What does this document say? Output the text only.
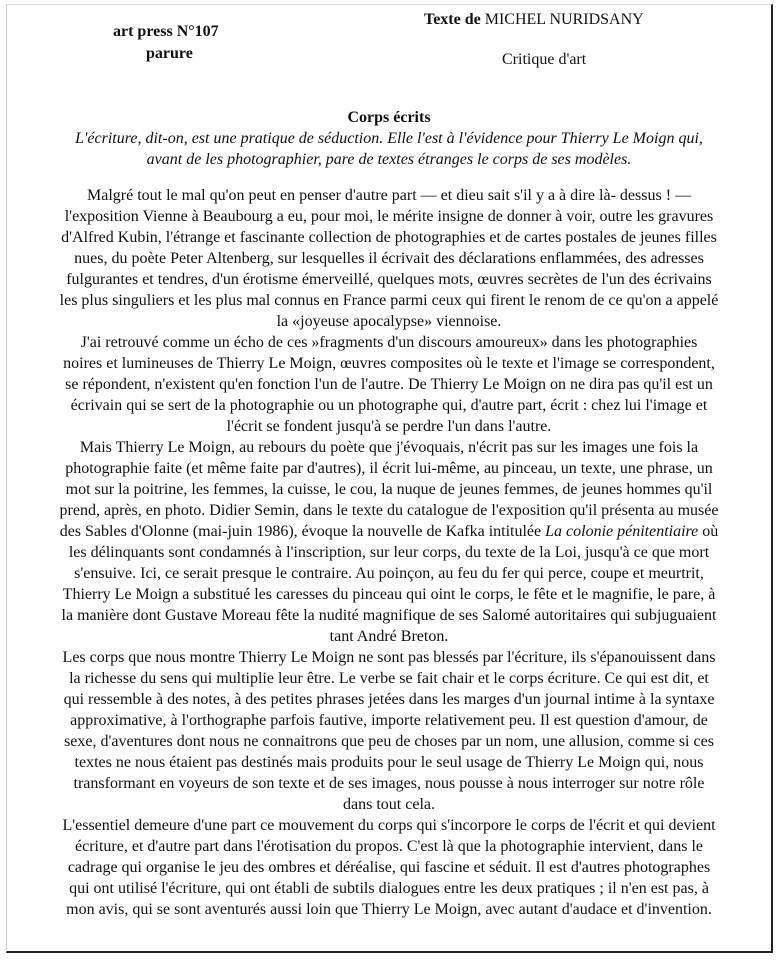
art press N°107
parure
Texte de MICHEL NURIDSANY
Critique d'art
Corps écrits
L'écriture, dit-on, est une pratique de séduction. Elle l'est à l'évidence pour Thierry Le Moign qui,
avant de les photographier, pare de textes étranges le corps de ses modèles.

Malgré tout le mal qu'on peut en penser d'autre part — et dieu sait s'il y a à dire là- dessus ! —
l'exposition Vienne à Beaubourg a eu, pour moi, le mérite insigne de donner à voir, outre les gravures
d'Alfred Kubin, l'étrange et fascinante collection de photographies et de cartes postales de jeunes filles
nues, du poète Peter Altenberg, sur lesquelles il écrivait des déclarations enflammées, des adresses
fulgurantes et tendres, d'un érotisme émerveillé, quelques mots, œuvres secrètes de l'un des écrivains
les plus singuliers et les plus mal connus en France parmi ceux qui firent le renom de ce qu'on a appelé
la «joyeuse apocalypse» viennoise.

J'ai retrouvé comme un écho de ces »fragments d'un discours amoureux» dans les photographies
noires et lumineuses de Thierry Le Moign, œuvres composites où le texte et l'image se correspondent,
se répondent, n'existent qu'en fonction l'un de l'autre. De Thierry Le Moign on ne dira pas qu'il est un
écrivain qui se sert de la photographie ou un photographe qui, d'autre part, écrit : chez lui l'image et
l'écrit se fondent jusqu'à se perdre l'un dans l'autre.

Mais Thierry Le Moign, au rebours du poète que j'évoquais, n'écrit pas sur les images une fois la
photographie faite (et même faite par d'autres), il écrit lui-même, au pinceau, un texte, une phrase, un
mot sur la poitrine, les femmes, la cuisse, le cou, la nuque de jeunes femmes, de jeunes hommes qu'il
prend, après, en photo. Didier Semin, dans le texte du catalogue de l'exposition qu'il présenta au musée
des Sables d'Olonne (mai-juin 1986), évoque la nouvelle de Kafka intitulée La colonie pénitentiaire où
les délinquants sont condamnés à l'inscription, sur leur corps, du texte de la Loi, jusqu'à ce que mort
s'ensuive. Ici, ce serait presque le contraire. Au poinçon, au feu du fer qui perce, coupe et meurtrit,
Thierry Le Moign a substitué les caresses du pinceau qui oint le corps, le fête et le magnifie, le pare, à
la manière dont Gustave Moreau fête la nudité magnifique de ses Salomé autoritaires qui subjuguaient
tant André Breton.

Les corps que nous montre Thierry Le Moign ne sont pas blessés par l'écriture, ils s'épanouissent dans
la richesse du sens qui multiplie leur être. Le verbe se fait chair et le corps écriture. Ce qui est dit, et
qui ressemble à des notes, à des petites phrases jetées dans les marges d'un journal intime à la syntaxe
approximative, à l'orthographe parfois fautive, importe relativement peu. Il est question d'amour, de
sexe, d'aventures dont nous ne connaitrons que peu de choses par un nom, une allusion, comme si ces
textes ne nous étaient pas destinés mais produits pour le seul usage de Thierry Le Moign qui, nous
transformant en voyeurs de son texte et de ses images, nous pousse à nous interroger sur notre rôle
dans tout cela.

L'essentiel demeure d'une part ce mouvement du corps qui s'incorpore le corps de l'écrit et qui devient
écriture, et d'autre part dans l'érotisation du propos. C'est là que la photographie intervient, dans le
cadrage qui organise le jeu des ombres et déréalise, qui fascine et séduit. Il est d'autres photographes
qui ont utilisé l'écriture, qui ont établi de subtils dialogues entre les deux pratiques ; il n'en est pas, à
mon avis, qui se sont aventurés aussi loin que Thierry Le Moign, avec autant d'audace et d'invention.
